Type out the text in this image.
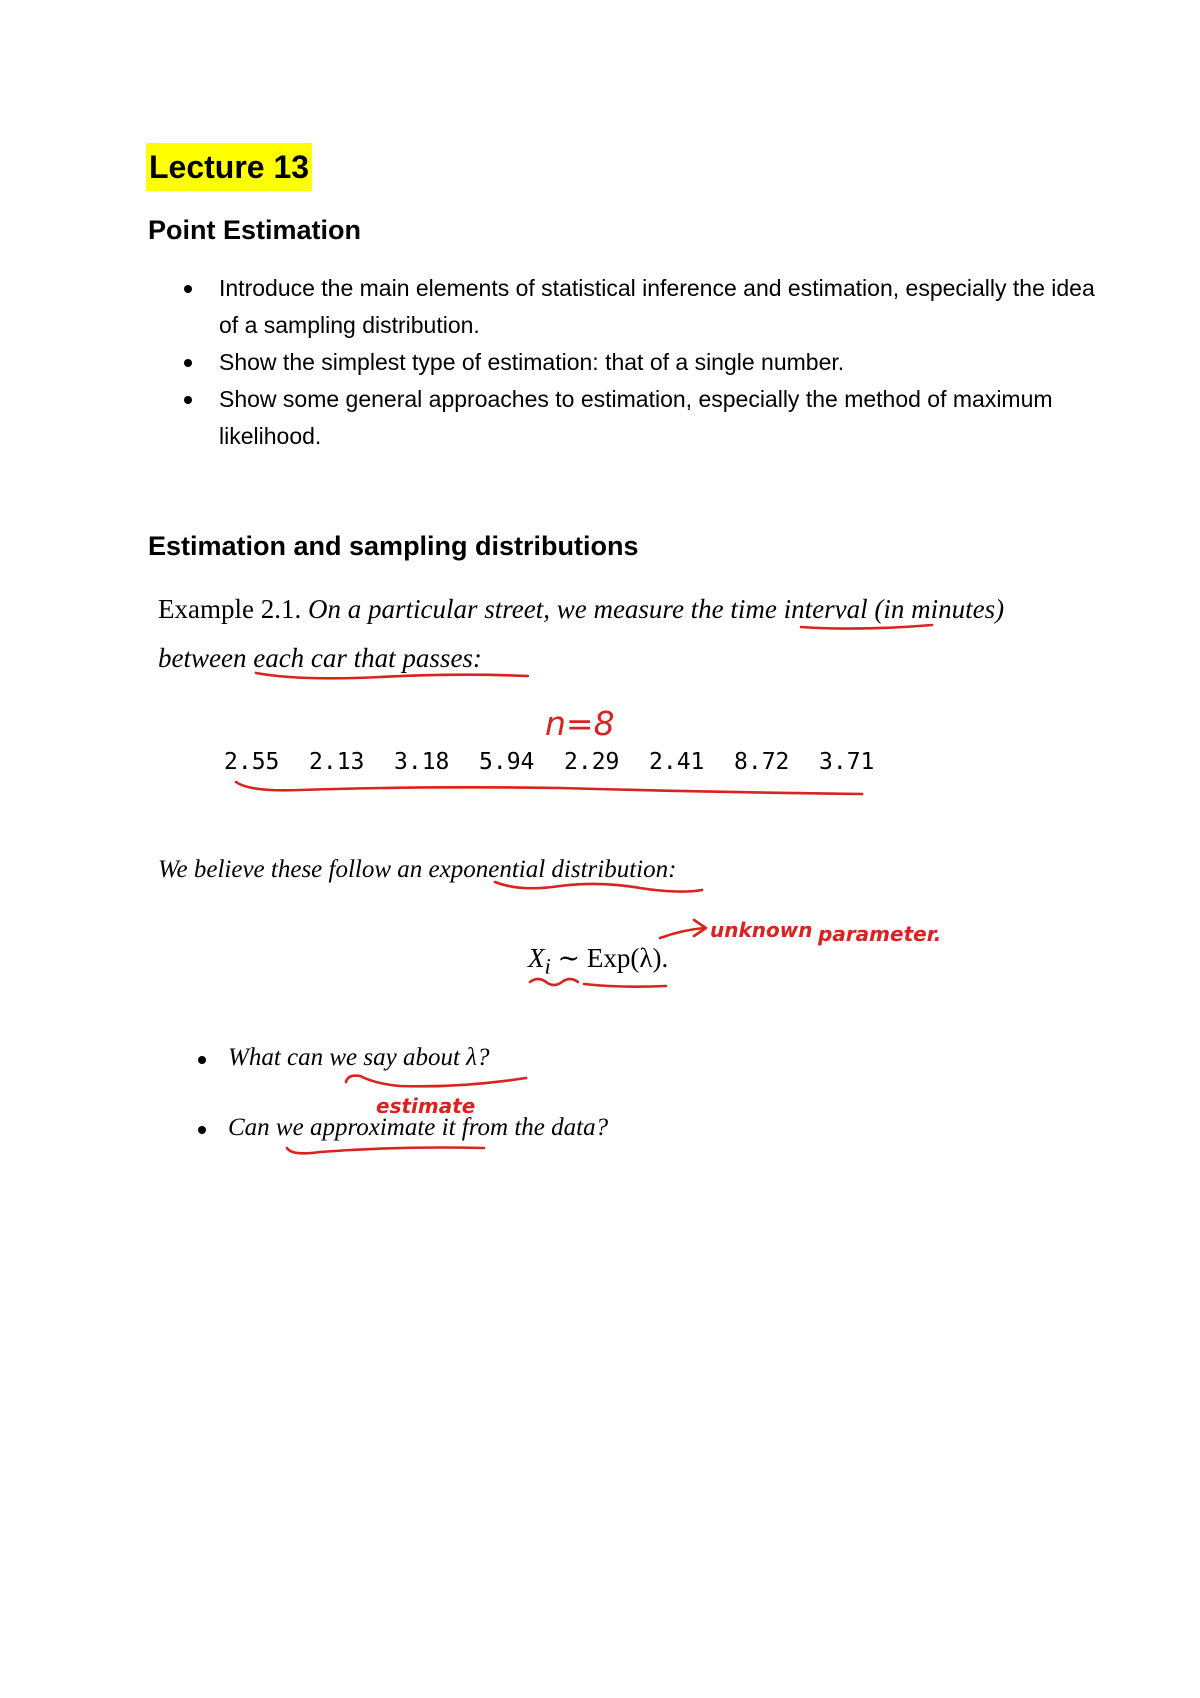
Lecture 13
Point Estimation
Introduce the main elements of statistical inference and estimation, especially the idea of a sampling distribution.
Show the simplest type of estimation: that of a single number.
Show some general approaches to estimation, especially the method of maximum likelihood.
Estimation and sampling distributions
Example 2.1. On a particular street, we measure the time interval (in minutes) between each car that passes:
2.55 2.13 3.18 5.94 2.29 2.41 8.72 3.71
We believe these follow an exponential distribution:
$X_i$ ∼ Exp(λ).
What can we say about λ?
Can we approximate it from the data?
n=8
unknown parameter.
estimate
